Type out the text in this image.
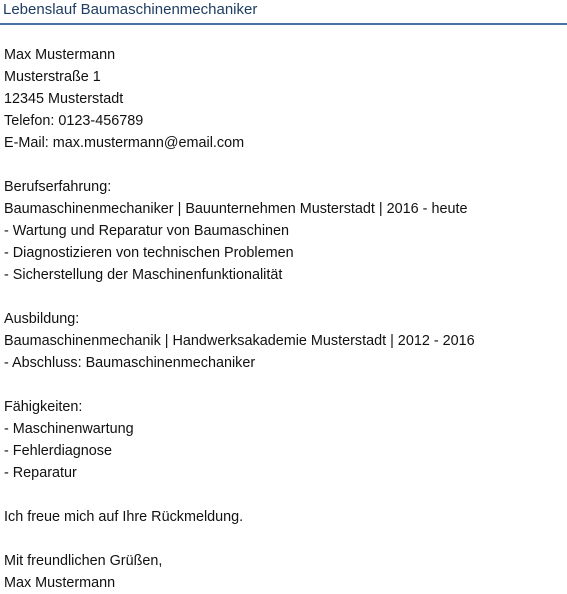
Lebenslauf Baumaschinenmechaniker
Max Mustermann
Musterstraße 1
12345 Musterstadt
Telefon: 0123-456789
E-Mail: max.mustermann@email.com
Berufserfahrung:
Baumaschinenmechaniker | Bauunternehmen Musterstadt | 2016 - heute
- Wartung und Reparatur von Baumaschinen
- Diagnostizieren von technischen Problemen
- Sicherstellung der Maschinenfunktionalität
Ausbildung:
Baumaschinenmechanik | Handwerksakademie Musterstadt | 2012 - 2016
- Abschluss: Baumaschinenmechaniker
Fähigkeiten:
- Maschinenwartung
- Fehlerdiagnose
- Reparatur
Ich freue mich auf Ihre Rückmeldung.
Mit freundlichen Grüßen,
Max Mustermann
